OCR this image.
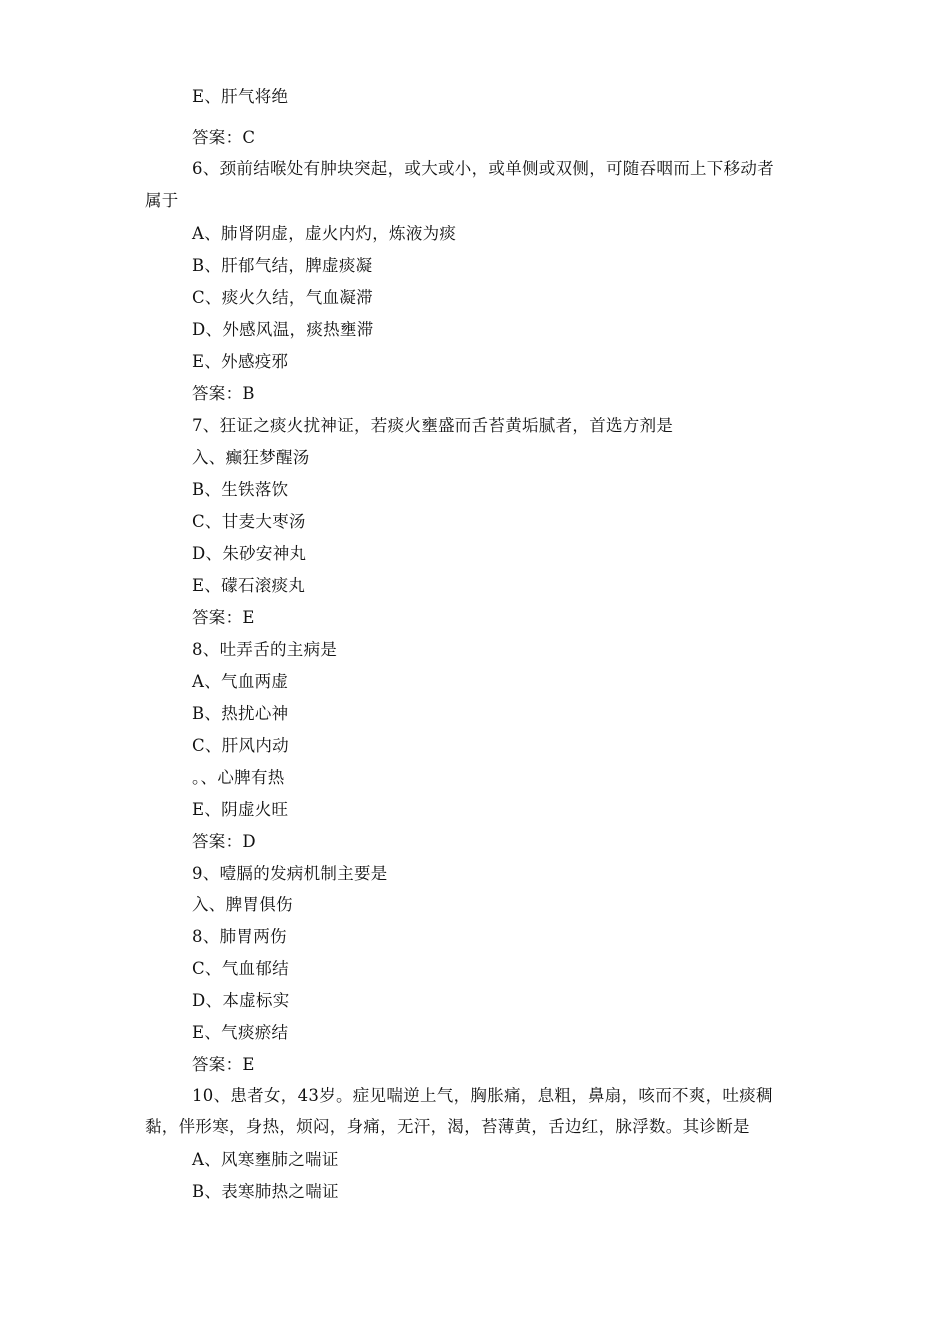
E、肝气将绝
答案：C
6、颈前结喉处有肿块突起，或大或小，或单侧或双侧，可随吞咽而上下移动者
属于
A、肺肾阴虚，虚火内灼，炼液为痰
B、肝郁气结，脾虚痰凝
C、痰火久结，气血凝滞
D、外感风温，痰热壅滞
E、外感疫邪
答案：B
7、狂证之痰火扰神证，若痰火壅盛而舌苔黄垢腻者，首选方剂是
入、癫狂梦醒汤
B、生铁落饮
C、甘麦大枣汤
D、朱砂安神丸
E、礞石滚痰丸
答案：E
8、吐弄舌的主病是
A、气血两虚
B、热扰心神
C、肝风内动
。、心脾有热
E、阴虚火旺
答案：D
9、噎膈的发病机制主要是
入、脾胃俱伤
8、肺胃两伤
C、气血郁结
D、本虚标实
E、气痰瘀结
答案：E
10、患者女，43岁。症见喘逆上气，胸胀痛，息粗，鼻扇，咳而不爽，吐痰稠
黏，伴形寒，身热，烦闷，身痛，无汗，渴，苔薄黄，舌边红，脉浮数。其诊断是
A、风寒壅肺之喘证
B、表寒肺热之喘证
